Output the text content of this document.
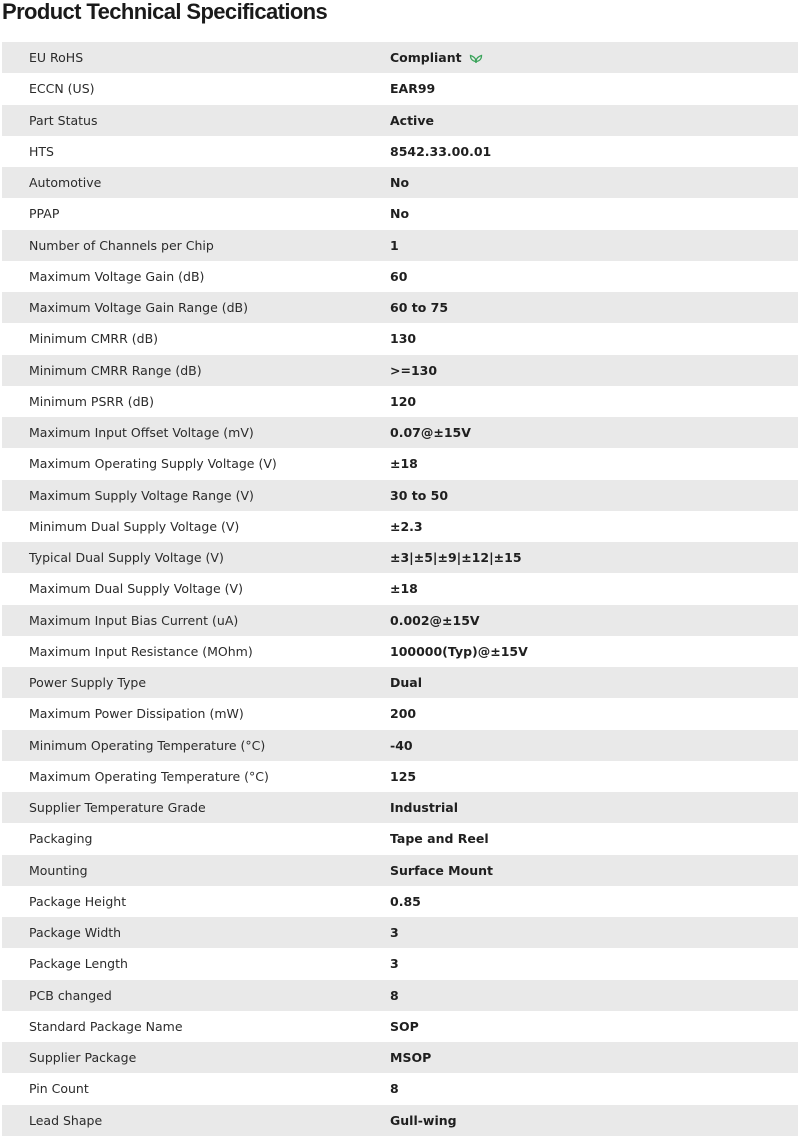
Product Technical Specifications
EU RoHS	Compliant
ECCN (US)	EAR99
Part Status	Active
HTS	8542.33.00.01
Automotive	No
PPAP	No
Number of Channels per Chip	1
Maximum Voltage Gain (dB)	60
Maximum Voltage Gain Range (dB)	60 to 75
Minimum CMRR (dB)	130
Minimum CMRR Range (dB)	>=130
Minimum PSRR (dB)	120
Maximum Input Offset Voltage (mV)	0.07@±15V
Maximum Operating Supply Voltage (V)	±18
Maximum Supply Voltage Range (V)	30 to 50
Minimum Dual Supply Voltage (V)	±2.3
Typical Dual Supply Voltage (V)	±3|±5|±9|±12|±15
Maximum Dual Supply Voltage (V)	±18
Maximum Input Bias Current (uA)	0.002@±15V
Maximum Input Resistance (MOhm)	100000(Typ)@±15V
Power Supply Type	Dual
Maximum Power Dissipation (mW)	200
Minimum Operating Temperature (°C)	-40
Maximum Operating Temperature (°C)	125
Supplier Temperature Grade	Industrial
Packaging	Tape and Reel
Mounting	Surface Mount
Package Height	0.85
Package Width	3
Package Length	3
PCB changed	8
Standard Package Name	SOP
Supplier Package	MSOP
Pin Count	8
Lead Shape	Gull-wing
